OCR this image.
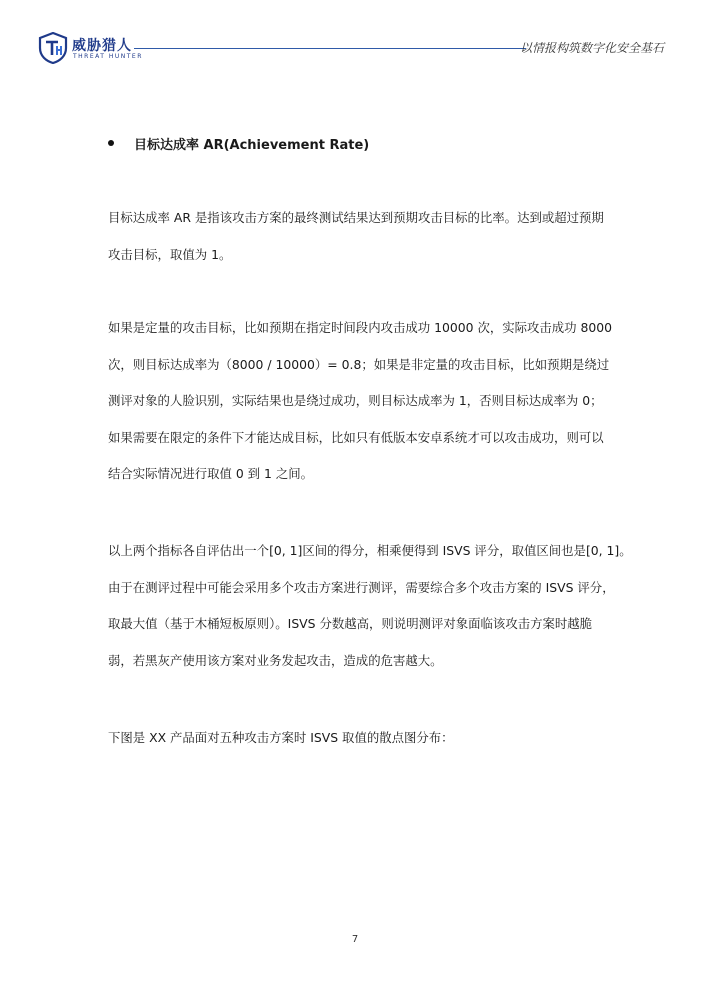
威胁猎人
THREAT HUNTER
以情报构筑数字化安全基石
目标达成率 AR(Achievement Rate)
目标达成率 AR 是指该攻击方案的最终测试结果达到预期攻击目标的比率。达到或超过预期
攻击目标，取值为 1。
如果是定量的攻击目标，比如预期在指定时间段内攻击成功 10000 次，实际攻击成功 8000
次，则目标达成率为（8000 / 10000）= 0.8；如果是非定量的攻击目标，比如预期是绕过
测评对象的人脸识别，实际结果也是绕过成功，则目标达成率为 1，否则目标达成率为 0；
如果需要在限定的条件下才能达成目标，比如只有低版本安卓系统才可以攻击成功，则可以
结合实际情况进行取值 0 到 1 之间。
以上两个指标各自评估出一个[0, 1]区间的得分，相乘便得到 ISVS 评分，取值区间也是[0, 1]。
由于在测评过程中可能会采用多个攻击方案进行测评，需要综合多个攻击方案的 ISVS 评分，
取最大值（基于木桶短板原则）。ISVS 分数越高，则说明测评对象面临该攻击方案时越脆
弱，若黑灰产使用该方案对业务发起攻击，造成的危害越大。
下图是 XX 产品面对五种攻击方案时 ISVS 取值的散点图分布：
7
